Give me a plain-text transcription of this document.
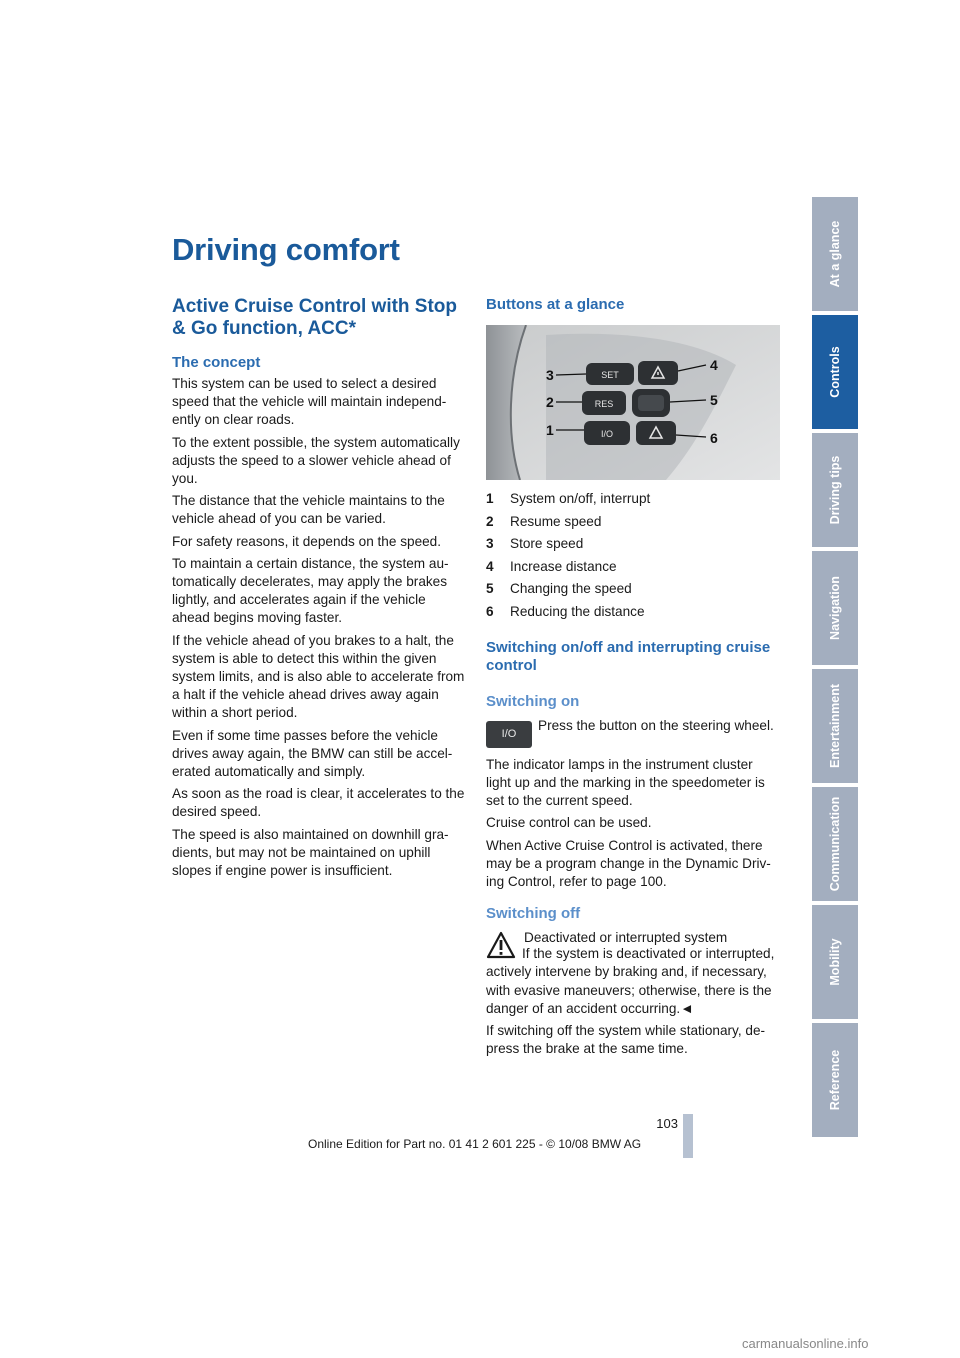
Driving comfort
Active Cruise Control with Stop & Go function, ACC*
The concept
This system can be used to select a desired speed that the vehicle will maintain independ-ently on clear roads.
To the extent possible, the system automatically adjusts the speed to a slower vehicle ahead of you.
The distance that the vehicle maintains to the vehicle ahead of you can be varied.
For safety reasons, it depends on the speed.
To maintain a certain distance, the system au-tomatically decelerates, may apply the brakes lightly, and accelerates again if the vehicle ahead begins moving faster.
If the vehicle ahead of you brakes to a halt, the system is able to detect this within the given system limits, and is also able to accelerate from a halt if the vehicle ahead drives away again within a short period.
Even if some time passes before the vehicle drives away again, the BMW can still be accel-erated automatically and simply.
As soon as the road is clear, it accelerates to the desired speed.
The speed is also maintained on downhill gra-dients, but may not be maintained on uphill slopes if engine power is insufficient.
Buttons at a glance
SET
RES
I/O
3
2
1
4
5
6
1	System on/off, interrupt
2	Resume speed
3	Store speed
4	Increase distance
5	Changing the speed
6	Reducing the distance
Switching on/off and interrupting cruise control
Switching on
I/O
Press the button on the steering wheel.
The indicator lamps in the instrument cluster light up and the marking in the speedometer is set to the current speed.
Cruise control can be used.
When Active Cruise Control is activated, there may be a program change in the Dynamic Driv-ing Control, refer to page 100.
Switching off
Deactivated or interrupted system
If the system is deactivated or interrupted, actively intervene by braking and, if necessary, with evasive maneuvers; otherwise, there is the danger of an accident occurring.◄
If switching off the system while stationary, de-press the brake at the same time.
At a glance
Controls
Driving tips
Navigation
Entertainment
Communication
Mobility
Reference
103
Online Edition for Part no. 01 41 2 601 225 - © 10/08 BMW AG
carmanualsonline.info
